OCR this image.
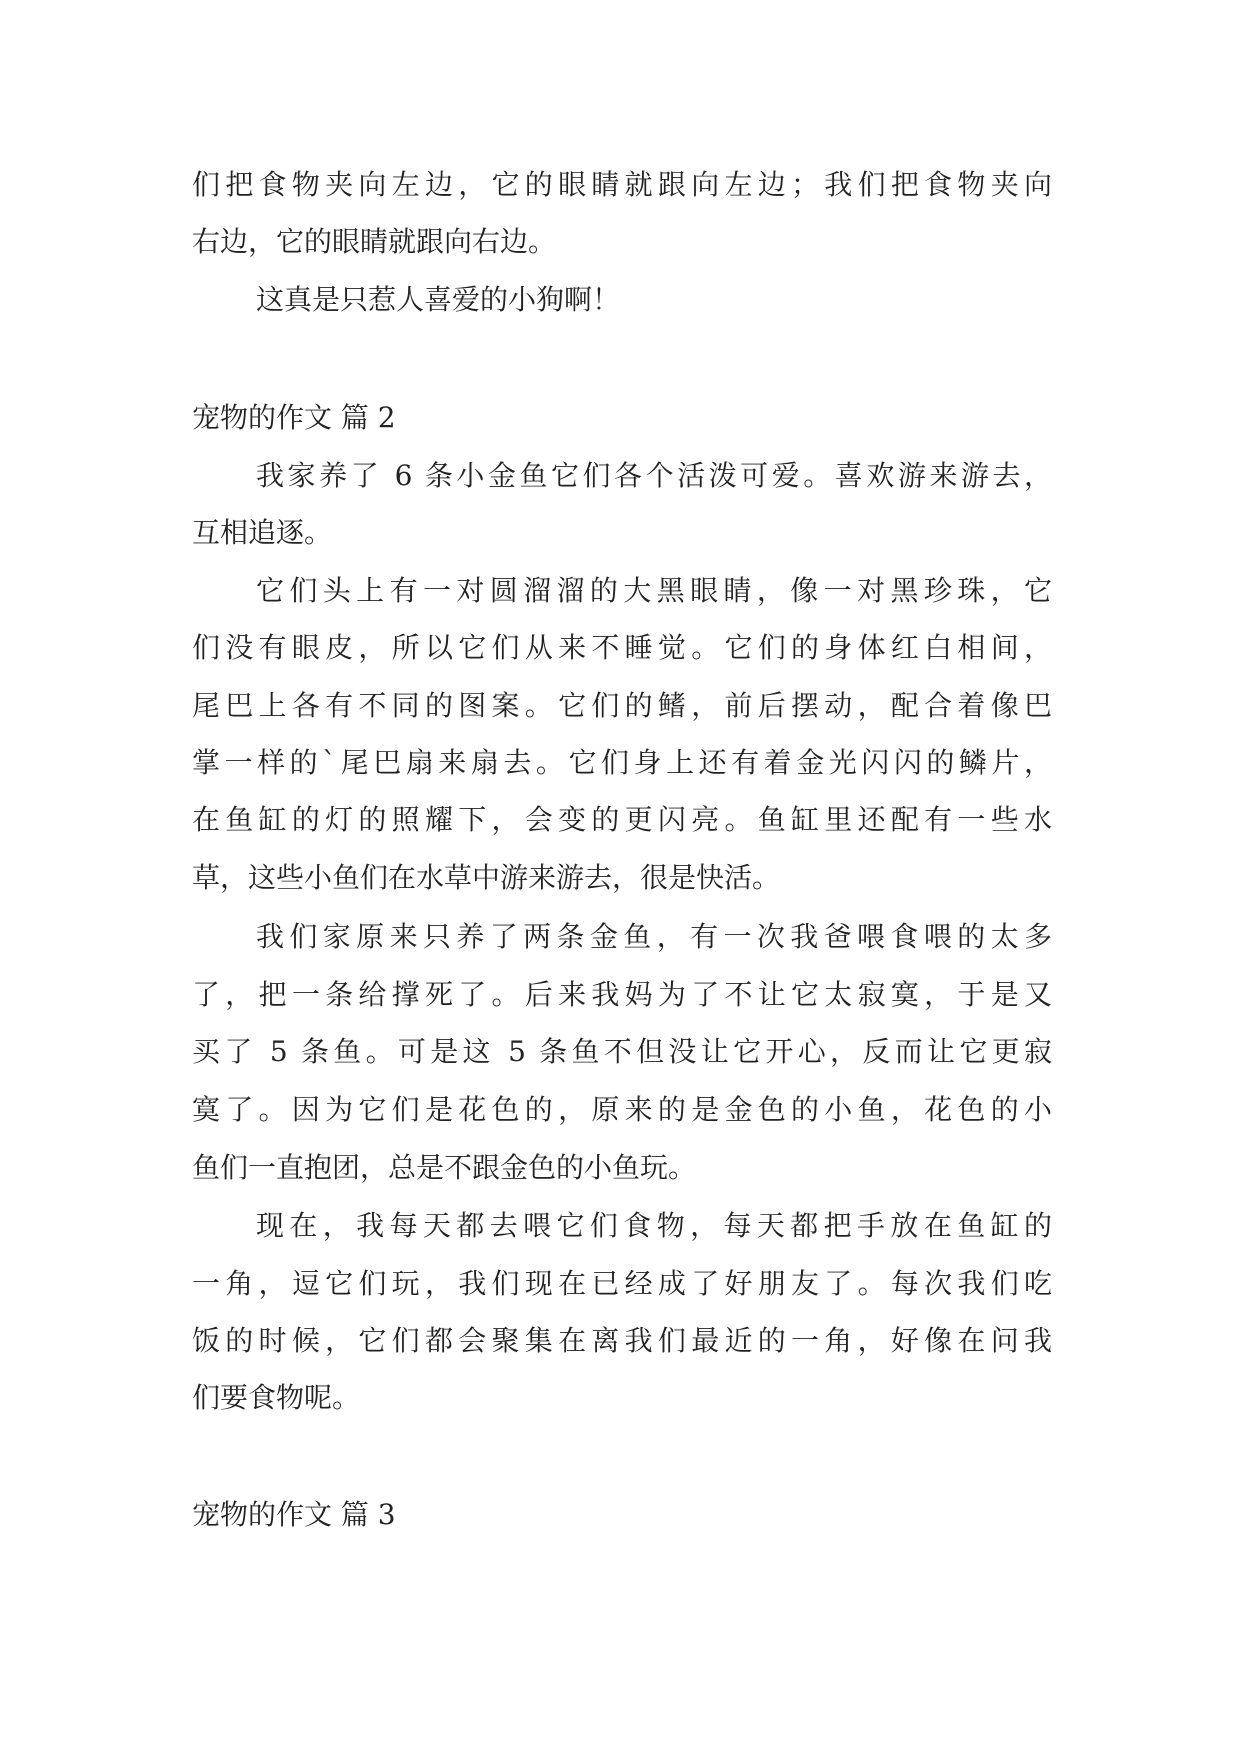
们把食物夹向左边，它的眼睛就跟向左边；我们把食物夹向
右边，它的眼睛就跟向右边。
这真是只惹人喜爱的小狗啊！
宠物的作文 篇 2
我家养了 6 条小金鱼它们各个活泼可爱。喜欢游来游去，
互相追逐。
它们头上有一对圆溜溜的大黑眼睛，像一对黑珍珠，它
们没有眼皮，所以它们从来不睡觉。它们的身体红白相间，
尾巴上各有不同的图案。它们的鳍，前后摆动，配合着像巴
掌一样的`尾巴扇来扇去。它们身上还有着金光闪闪的鳞片，
在鱼缸的灯的照耀下，会变的更闪亮。鱼缸里还配有一些水
草，这些小鱼们在水草中游来游去，很是快活。
我们家原来只养了两条金鱼，有一次我爸喂食喂的太多
了，把一条给撑死了。后来我妈为了不让它太寂寞，于是又
买了 5 条鱼。可是这 5 条鱼不但没让它开心，反而让它更寂
寞了。因为它们是花色的，原来的是金色的小鱼，花色的小
鱼们一直抱团，总是不跟金色的小鱼玩。
现在，我每天都去喂它们食物，每天都把手放在鱼缸的
一角，逗它们玩，我们现在已经成了好朋友了。每次我们吃
饭的时候，它们都会聚集在离我们最近的一角，好像在问我
们要食物呢。
宠物的作文 篇 3
